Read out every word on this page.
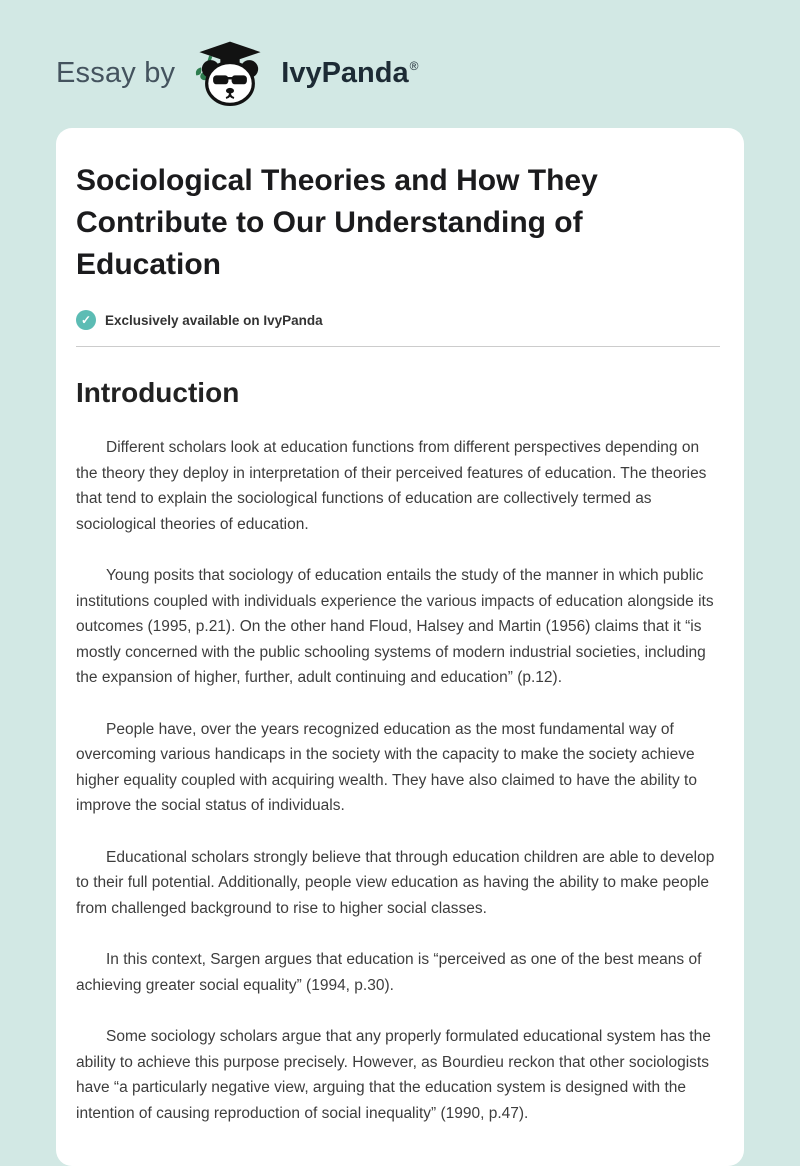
Essay by	IvyPanda®
Sociological Theories and How They Contribute to Our Understanding of Education
✓	Exclusively available on IvyPanda
Introduction

Different scholars look at education functions from different perspectives depending on the theory they deploy in interpretation of their perceived features of education. The theories that tend to explain the sociological functions of education are collectively termed as sociological theories of education.

Young posits that sociology of education entails the study of the manner in which public institutions coupled with individuals experience the various impacts of education alongside its outcomes (1995, p.21). On the other hand Floud, Halsey and Martin (1956) claims that it “is mostly concerned with the public schooling systems of modern industrial societies, including the expansion of higher, further, adult continuing and education” (p.12).

People have, over the years recognized education as the most fundamental way of overcoming various handicaps in the society with the capacity to make the society achieve higher equality coupled with acquiring wealth. They have also claimed to have the ability to improve the social status of individuals.

Educational scholars strongly believe that through education children are able to develop to their full potential. Additionally, people view education as having the ability to make people from challenged background to rise to higher social classes.

In this context, Sargen argues that education is “perceived as one of the best means of achieving greater social equality” (1994, p.30).

Some sociology scholars argue that any properly formulated educational system has the ability to achieve this purpose precisely. However, as Bourdieu reckon that other sociologists have “a particularly negative view, arguing that the education system is designed with the intention of causing reproduction of social inequality” (1990, p.47).
